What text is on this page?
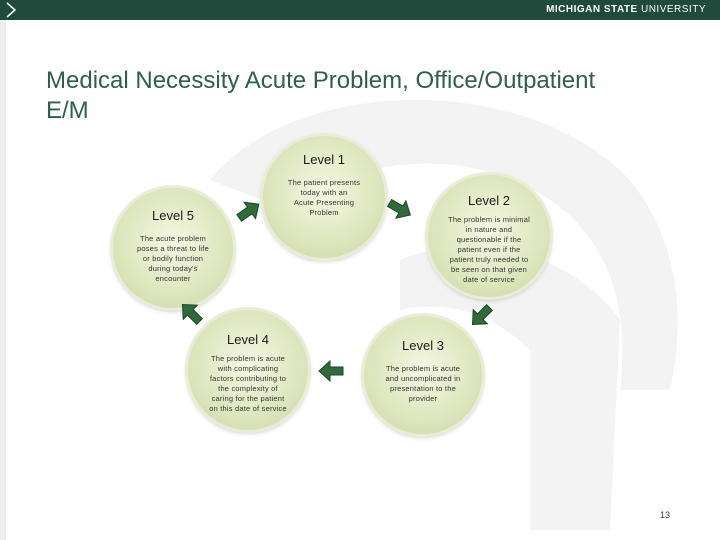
MICHIGAN STATE UNIVERSITY
Medical Necessity Acute Problem, Office/Outpatient
E/M
Level 1
The patient presents
today with an
Acute Presenting
Problem
Level 2
The problem is minimal
in nature and
questionable if the
patient even if the
patient truly needed to
be seen on that given
date of service
Level 3
The problem is acute
and uncomplicated in
presentation to the
provider
Level 4
The problem is acute
with complicating
factors contributing to
the complexity of
caring for the patient
on this date of service
Level 5
The acute problem
poses a threat to life
or bodily function
during today's
encounter
13
